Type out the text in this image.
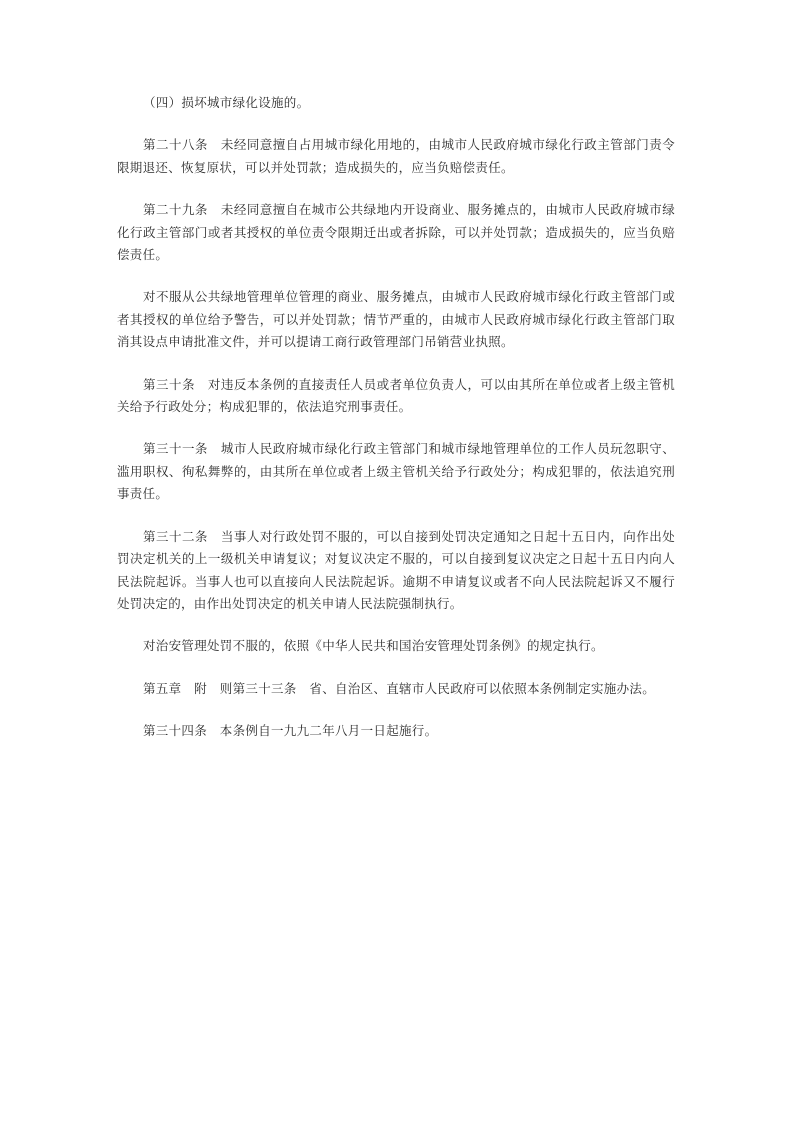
（四）损坏城市绿化设施的。

第二十八条　未经同意擅自占用城市绿化用地的，由城市人民政府城市绿化行政主管部门责令限期退还、恢复原状，可以并处罚款；造成损失的，应当负赔偿责任。

第二十九条　未经同意擅自在城市公共绿地内开设商业、服务摊点的，由城市人民政府城市绿化行政主管部门或者其授权的单位责令限期迁出或者拆除，可以并处罚款；造成损失的，应当负赔偿责任。

对不服从公共绿地管理单位管理的商业、服务摊点，由城市人民政府城市绿化行政主管部门或者其授权的单位给予警告，可以并处罚款；情节严重的，由城市人民政府城市绿化行政主管部门取消其设点申请批准文件，并可以提请工商行政管理部门吊销营业执照。

第三十条　对违反本条例的直接责任人员或者单位负责人，可以由其所在单位或者上级主管机关给予行政处分；构成犯罪的，依法追究刑事责任。

第三十一条　城市人民政府城市绿化行政主管部门和城市绿地管理单位的工作人员玩忽职守、滥用职权、徇私舞弊的，由其所在单位或者上级主管机关给予行政处分；构成犯罪的，依法追究刑事责任。

第三十二条　当事人对行政处罚不服的，可以自接到处罚决定通知之日起十五日内，向作出处罚决定机关的上一级机关申请复议；对复议决定不服的，可以自接到复议决定之日起十五日内向人民法院起诉。当事人也可以直接向人民法院起诉。逾期不申请复议或者不向人民法院起诉又不履行处罚决定的，由作出处罚决定的机关申请人民法院强制执行。

对治安管理处罚不服的，依照《中华人民共和国治安管理处罚条例》的规定执行。

第五章　附　则第三十三条　省、自治区、直辖市人民政府可以依照本条例制定实施办法。

第三十四条　本条例自一九九二年八月一日起施行。
